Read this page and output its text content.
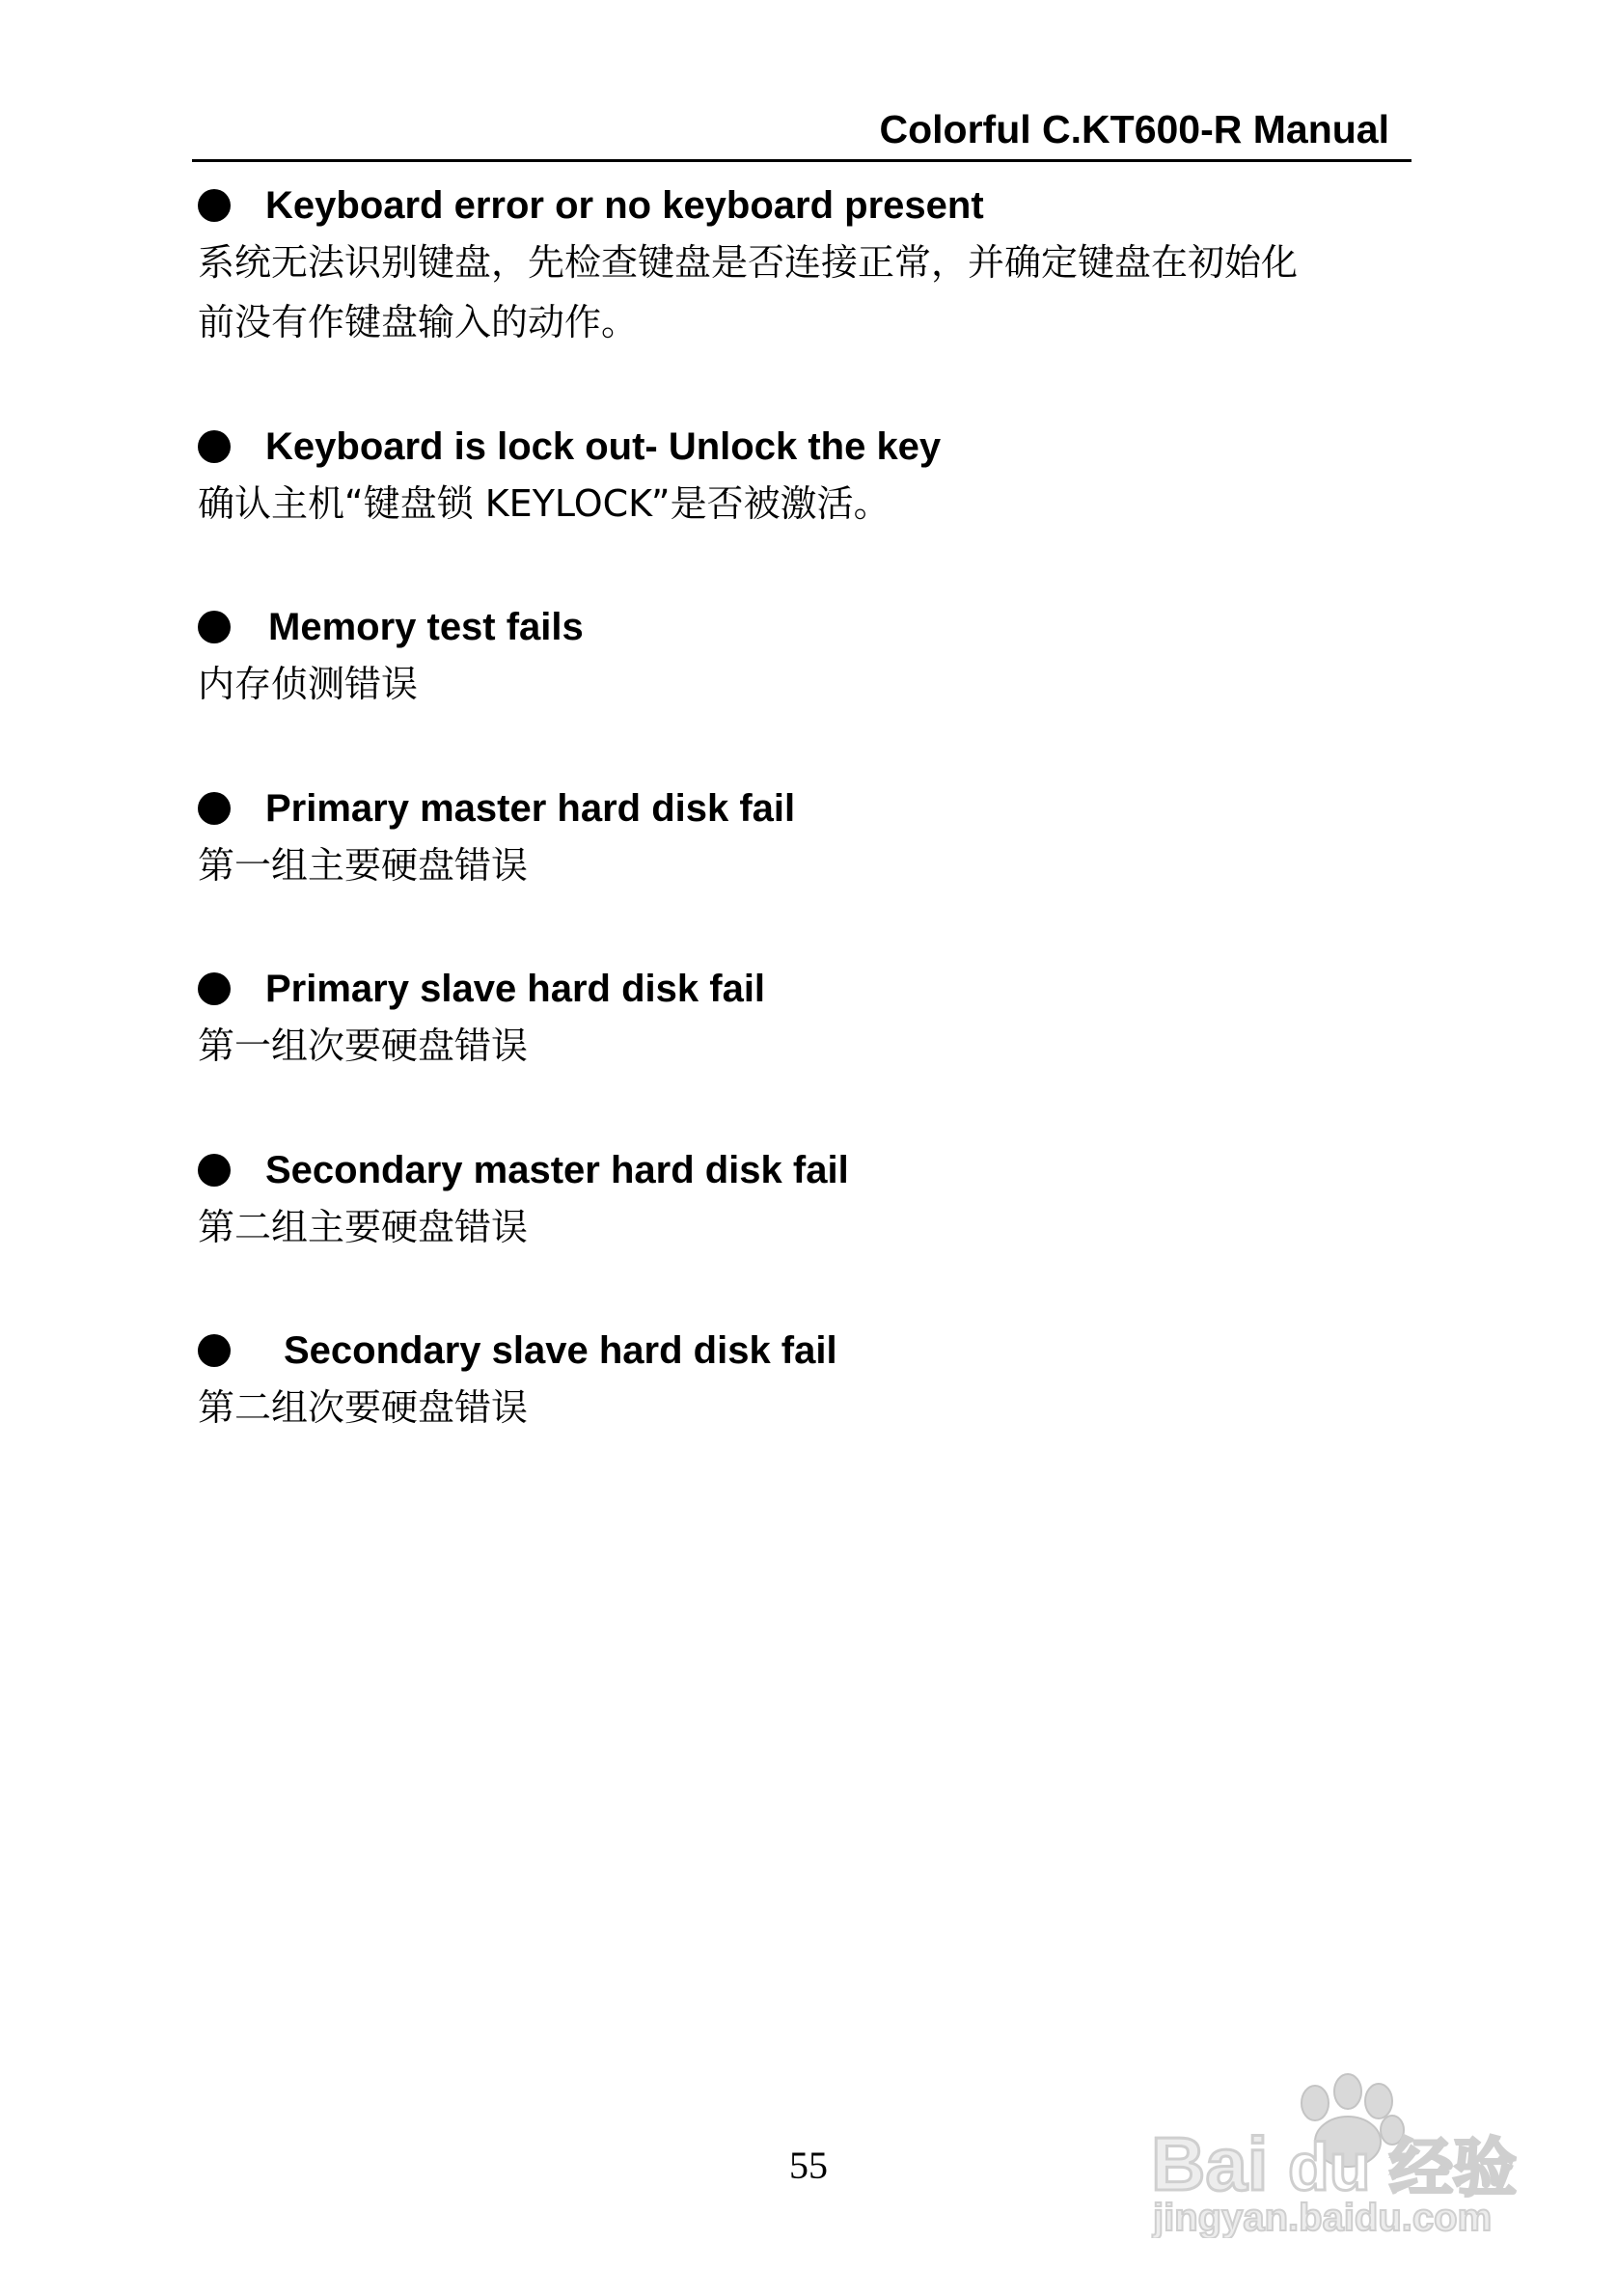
Colorful C.KT600-R Manual
Keyboard error or no keyboard present
系统无法识别键盘，先检查键盘是否连接正常，并确定键盘在初始化
前没有作键盘输入的动作。
Keyboard is lock out- Unlock the key
确认主机“键盘锁 KEYLOCK”是否被激活。
Memory test fails
内存侦测错误
Primary master hard disk fail
第一组主要硬盘错误
Primary slave hard disk fail
第一组次要硬盘错误
Secondary master hard disk fail
第二组主要硬盘错误
Secondary slave hard disk fail
第二组次要硬盘错误
55	Bai du 经验
jingyan.baidu.com
